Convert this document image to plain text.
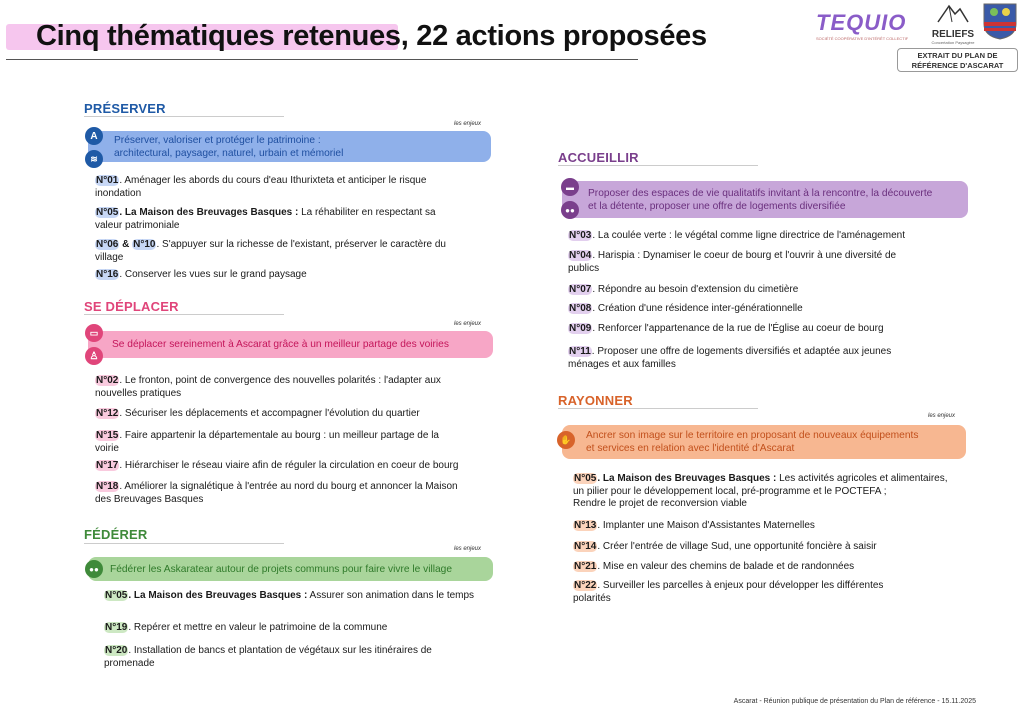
Cinq thématiques retenues, 22 actions proposées	TEQUIO
SOCIÉTÉ COOPÉRATIVE D'INTÉRÊT COLLECTIF	RELIEFS
Concertation Paysagère
EXTRAIT DU PLAN DE
RÉFÉRENCE D'ASCARAT
PRÉSERVER
les enjeux
Préserver, valoriser et protéger le patrimoine :
architectural, paysager, naturel, urbain et mémoriel
A
≋
N°01. Aménager les abords du cours d'eau Ithurixteta et anticiper le risque
inondation
N°05. La Maison des Breuvages Basques : La réhabiliter en respectant sa
valeur patrimoniale
N°06 & N°10. S'appuyer sur la richesse de l'existant, préserver le caractère du
village
N°16. Conserver les vues sur le grand paysage
SE DÉPLACER
les enjeux
Se déplacer sereinement à Ascarat grâce à un meilleur partage des voiries
▭
♙
N°02. Le fronton, point de convergence des nouvelles polarités : l'adapter aux
nouvelles pratiques
N°12. Sécuriser les déplacements et accompagner l'évolution du quartier
N°15. Faire appartenir la départementale au bourg : un meilleur partage de la
voirie
N°17. Hiérarchiser le réseau viaire afin de réguler la circulation en coeur de bourg
N°18. Améliorer la signalétique à l'entrée au nord du bourg et annoncer la Maison
des Breuvages Basques
FÉDÉRER
les enjeux
Fédérer les Askaratear autour de projets communs pour faire vivre le village
●●
N°05. La Maison des Breuvages Basques : Assurer son animation dans le temps
N°19. Repérer et mettre en valeur le patrimoine de la commune
N°20. Installation de bancs et plantation de végétaux sur les itinéraires de
promenade
ACCUEILLIR
Proposer des espaces de vie qualitatifs invitant à la rencontre, la découverte
et la détente, proposer une offre de logements diversifiée
▬
●●
N°03. La coulée verte : le végétal comme ligne directrice de l'aménagement
N°04. Harispia : Dynamiser le coeur de bourg et l'ouvrir à une diversité de
publics
N°07. Répondre au besoin d'extension du cimetière
N°08. Création d'une résidence inter-générationnelle
N°09. Renforcer l'appartenance de la rue de l'Église au coeur de bourg
N°11. Proposer une offre de logements diversifiés et adaptée aux jeunes
ménages et aux familles
RAYONNER
les enjeux
Ancrer son image sur le territoire en proposant de nouveaux équipements
et services en relation avec l'identité d'Ascarat
✋
N°05. La Maison des Breuvages Basques : Les activités agricoles et alimentaires,
un pilier pour le développement local, pré-programme et le POCTEFA ;
Rendre le projet de reconversion viable
N°13. Implanter une Maison d'Assistantes Maternelles
N°14. Créer l'entrée de village Sud, une opportunité foncière à saisir
N°21. Mise en valeur des chemins de balade et de randonnées
N°22. Surveiller les parcelles à enjeux pour développer les différentes
polarités
Ascarat - Réunion publique de présentation du Plan de référence - 15.11.2025
